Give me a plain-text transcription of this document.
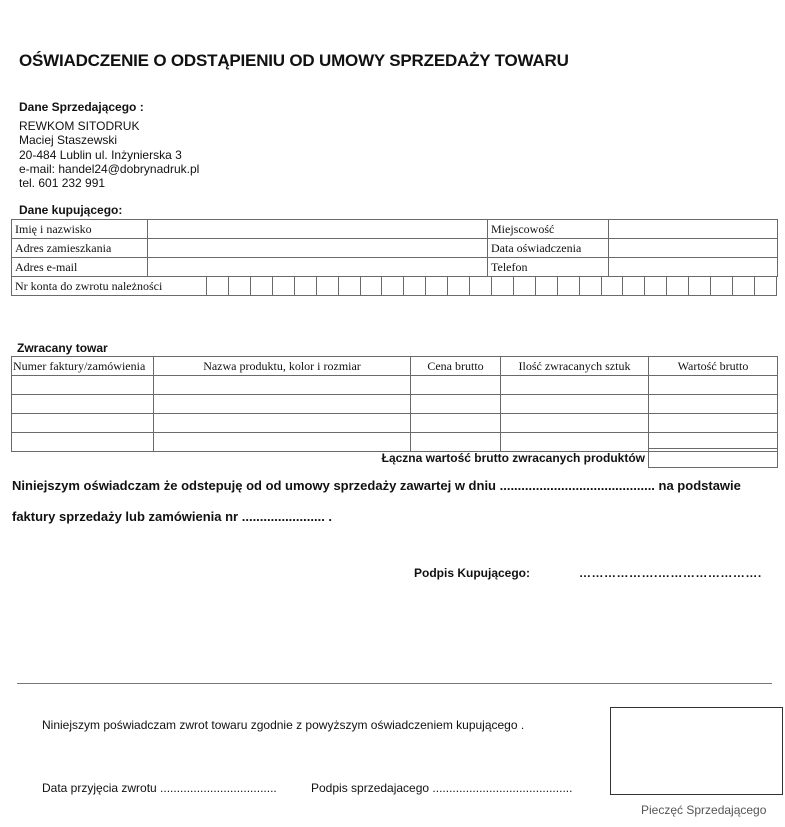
OŚWIADCZENIE O ODSTĄPIENIU OD UMOWY SPRZEDAŻY TOWARU
Dane Sprzedającego :
REWKOM SITODRUK
Maciej Staszewski
20-484 Lublin ul. Inżynierska 3
e-mail: handel24@dobrynadruk.pl
tel. 601 232 991
Dane kupującego:
Imię i nazwisko		Miejscowość	
Adres zamieszkania		Data oświadczenia	
Adres e-mail		Telefon	
Nr konta do zwrotu należności																										
Zwracany towar
Numer faktury/zamówienia	Nazwa produktu, kolor i rozmiar	Cena brutto	Ilość zwracanych sztuk	Wartość brutto

Łączna wartość brutto zwracanych produktów
Niniejszym oświadczam że odstepuję od od umowy sprzedaży zawartej w dniu ........................................... na podstawie
faktury sprzedaży lub zamówienia nr ....................... .
Podpis Kupującego:	……………….…………………….
Niniejszym poświadczam zwrot towaru zgodnie z powyższym oświadczeniem kupującego .
Data przyjęcia zwrotu ...................................	Podpis sprzedajacego ..........................................
Pieczęć Sprzedającego
